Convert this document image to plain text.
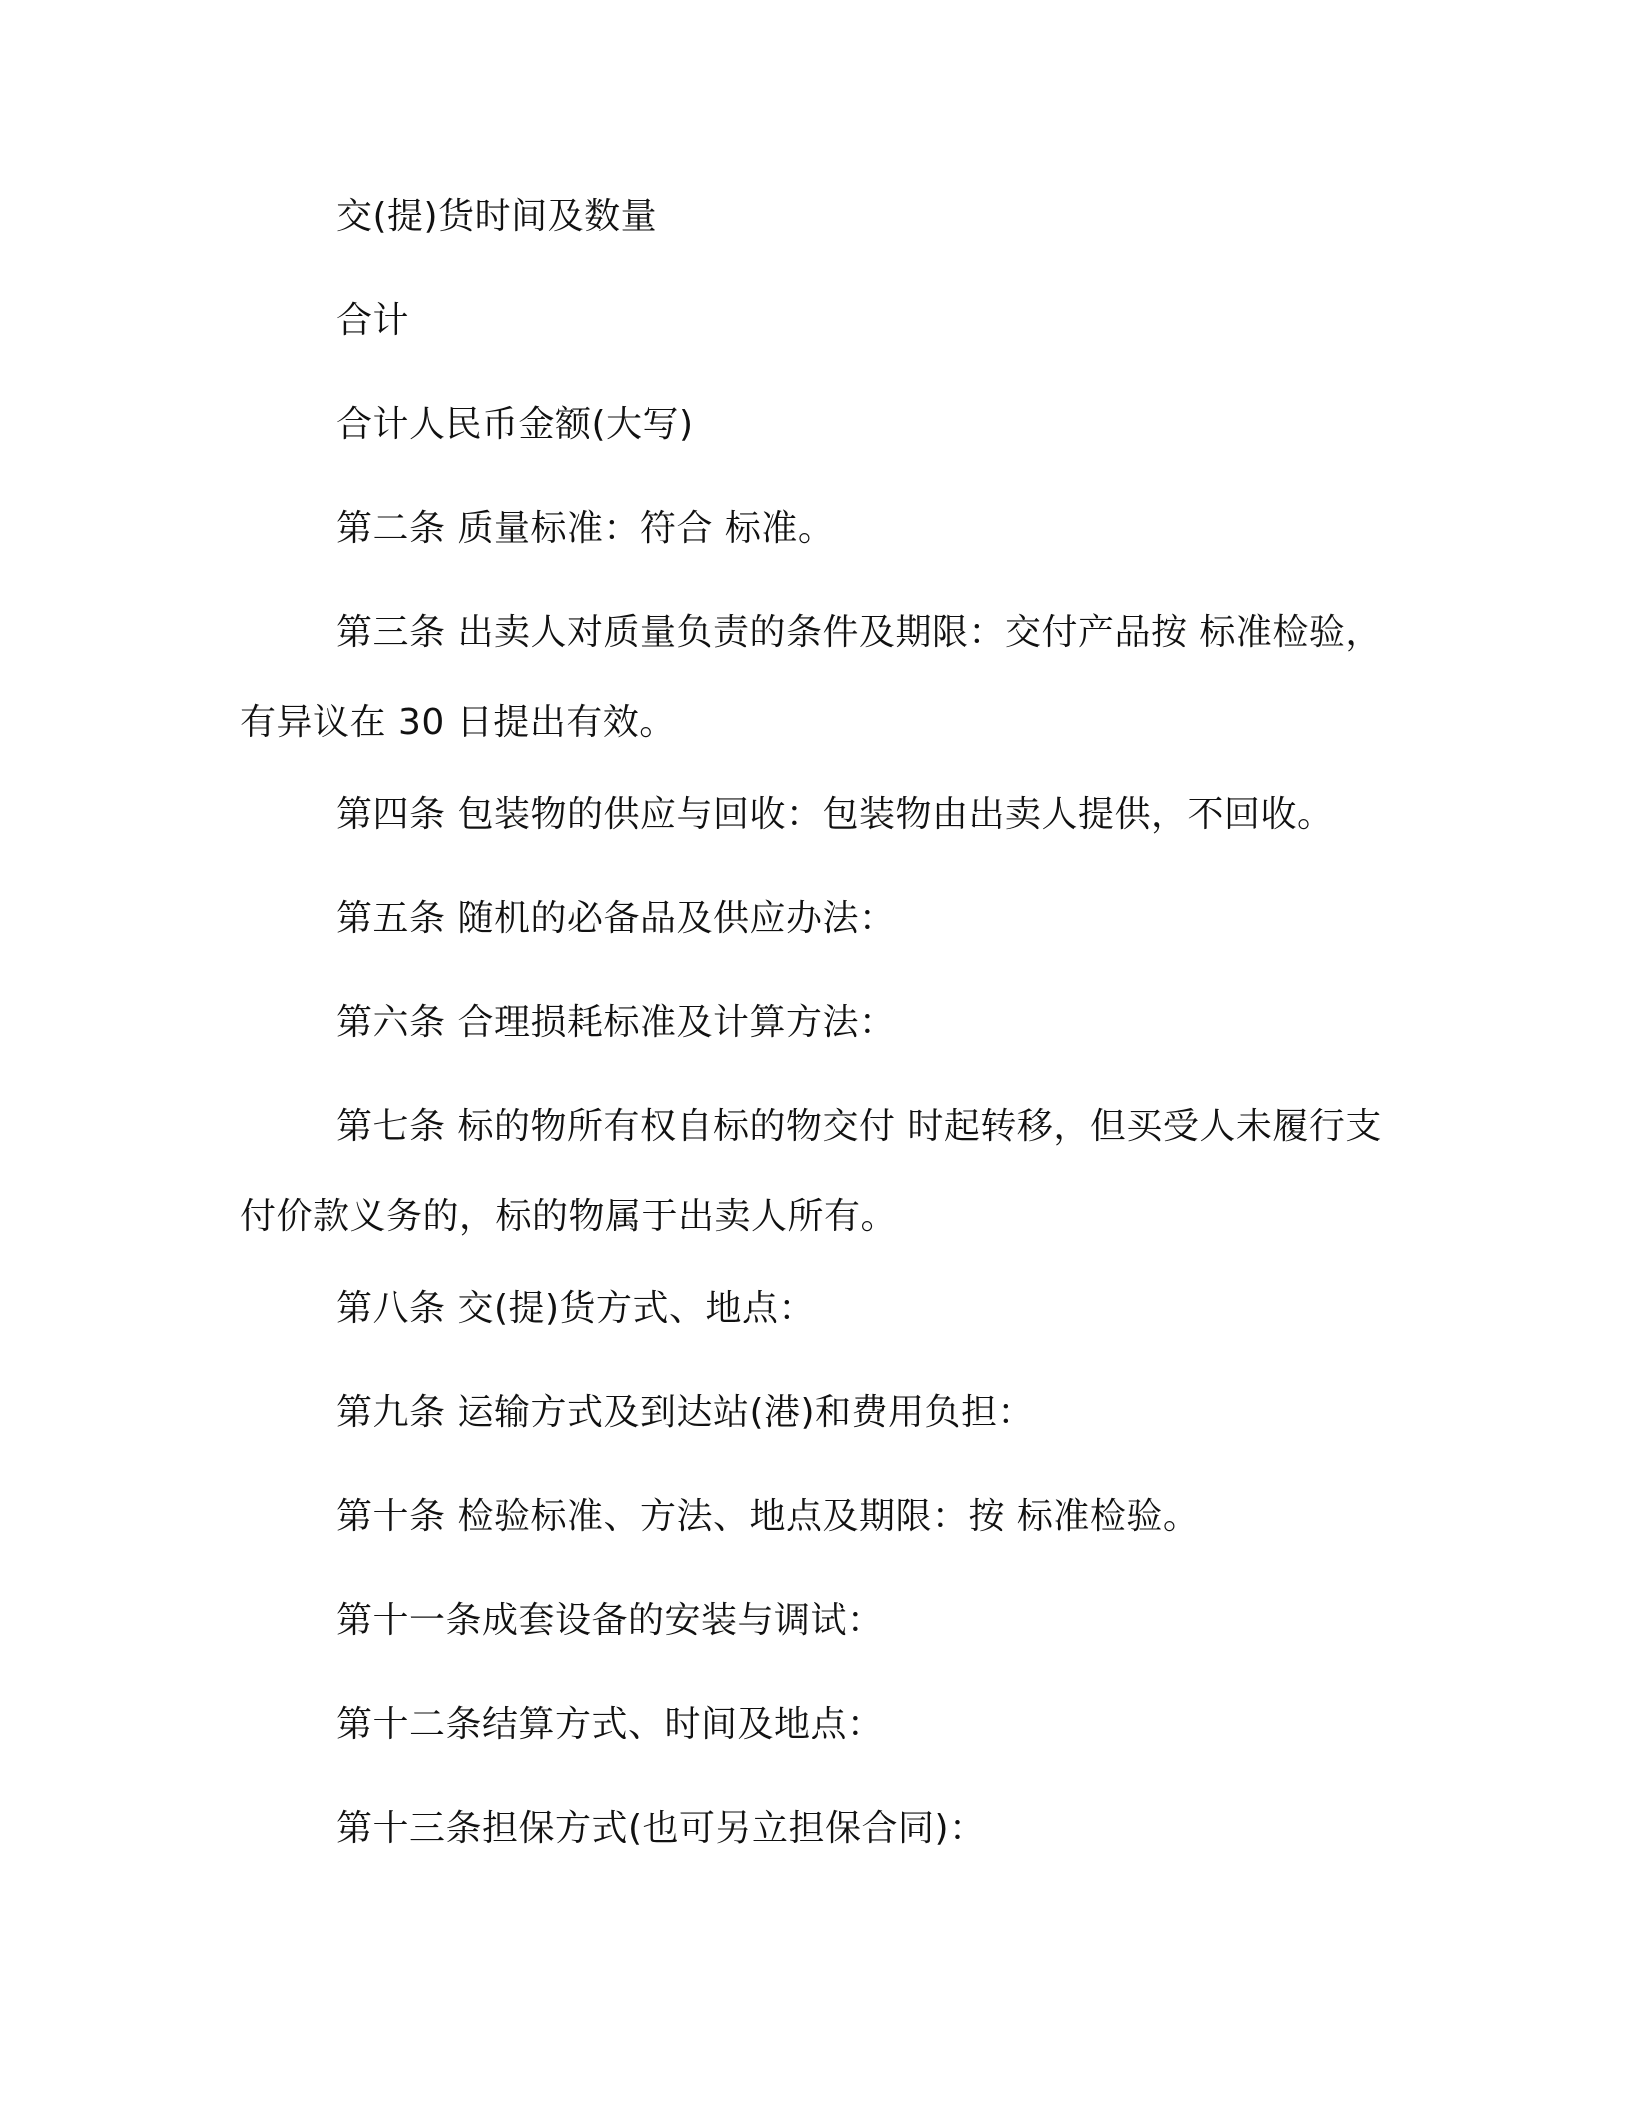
交(提)货时间及数量

合计

合计人民币金额(大写)

第二条 质量标准：符合 标准。

第三条 出卖人对质量负责的条件及期限：交付产品按 标准检验，有异议在 30 日提出有效。

第四条 包装物的供应与回收：包装物由出卖人提供，不回收。

第五条 随机的必备品及供应办法：

第六条 合理损耗标准及计算方法：

第七条 标的物所有权自标的物交付 时起转移，但买受人未履行支付价款义务的，标的物属于出卖人所有。

第八条 交(提)货方式、地点：

第九条 运输方式及到达站(港)和费用负担：

第十条 检验标准、方法、地点及期限：按 标准检验。

第十一条成套设备的安装与调试：

第十二条结算方式、时间及地点：

第十三条担保方式(也可另立担保合同)：
